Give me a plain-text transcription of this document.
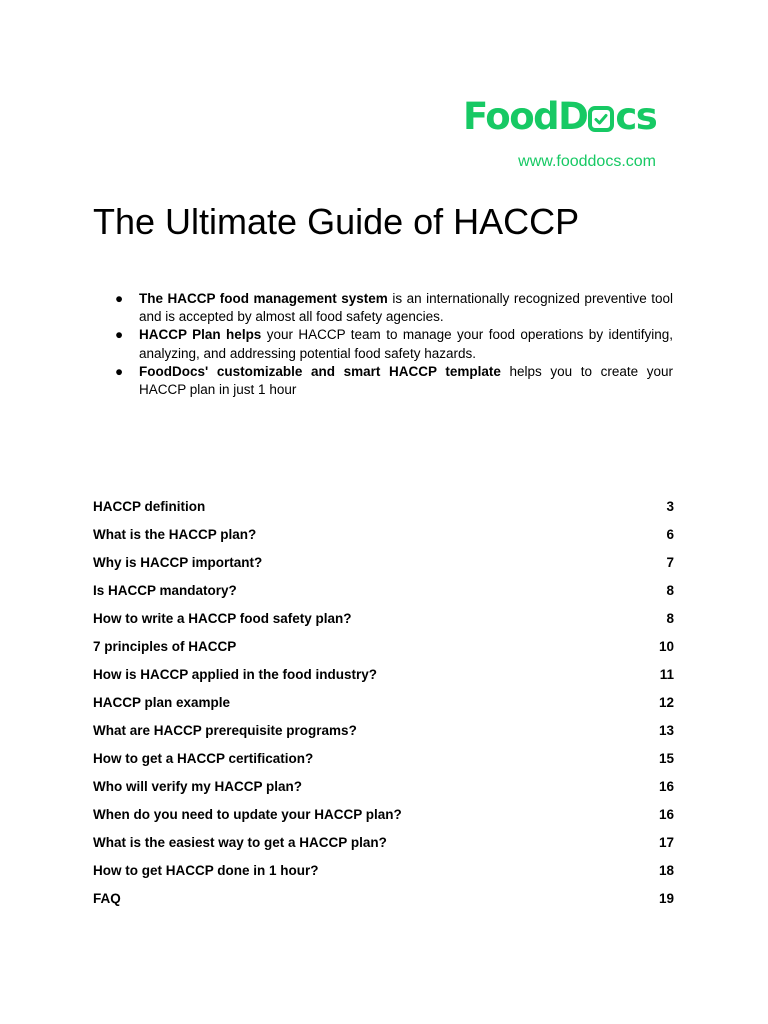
FoodD cs
www.fooddocs.com
The Ultimate Guide of HACCP
● The HACCP food management system is an internationally recognized preventive tool and is accepted by almost all food safety agencies.
● HACCP Plan helps your HACCP team to manage your food operations by identifying, analyzing, and addressing potential food safety hazards.
● FoodDocs' customizable and smart HACCP template helps you to create your HACCP plan in just 1 hour
HACCP definition	3
What is the HACCP plan?	6
Why is HACCP important?	7
Is HACCP mandatory?	8
How to write a HACCP food safety plan?	8
7 principles of HACCP	10
How is HACCP applied in the food industry?	11
HACCP plan example	12
What are HACCP prerequisite programs?	13
How to get a HACCP certification?	15
Who will verify my HACCP plan?	16
When do you need to update your HACCP plan?	16
What is the easiest way to get a HACCP plan?	17
How to get HACCP done in 1 hour?	18
FAQ	19
